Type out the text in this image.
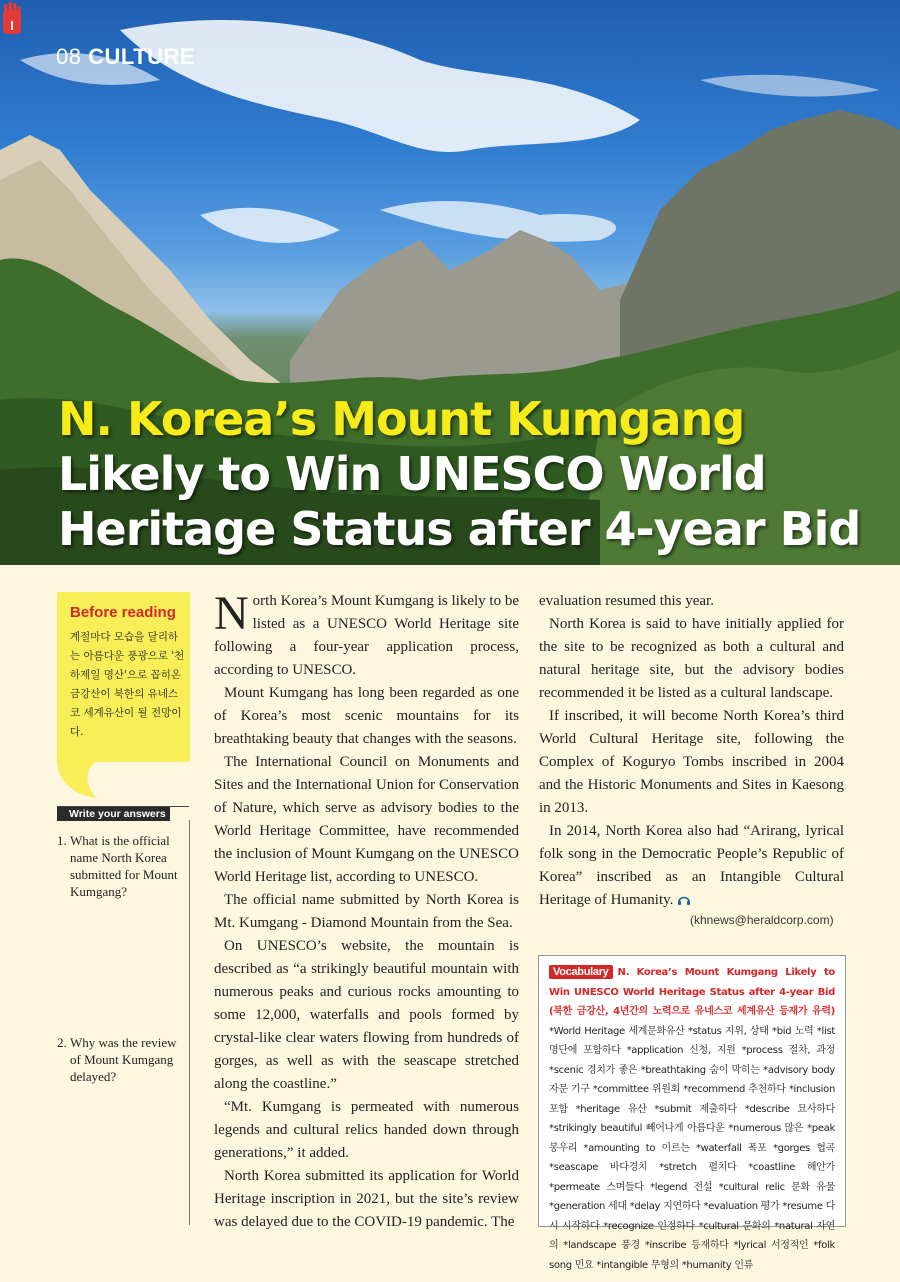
08 CULTURE
I
N. Korea’s Mount Kumgang Likely to Win UNESCO World Heritage Status after 4-year Bid
Before reading
계절마다 모습을 달리하는 아름다운 풍광으로 '천하제일 명산'으로 꼽히온 금강산이 북한의 유네스코 세계유산이 될 전망이다.
Write your answers
1. What is the official name North Korea submitted for Mount Kumgang?
2. Why was the review of Mount Kumgang delayed?

North Korea’s Mount Kumgang is likely to be listed as a UNESCO World Heritage site following a four-year application process, according to UNESCO.

Mount Kumgang has long been regarded as one of Korea’s most scenic mountains for its breathtaking beauty that changes with the seasons.

The International Council on Monuments and Sites and the International Union for Conservation of Nature, which serve as advisory bodies to the World Heritage Committee, have recommended the inclusion of Mount Kumgang on the UNESCO World Heritage list, according to UNESCO.

The official name submitted by North Korea is Mt. Kumgang - Diamond Mountain from the Sea.

On UNESCO’s website, the mountain is described as “a strikingly beautiful mountain with numerous peaks and curious rocks amounting to some 12,000, waterfalls and pools formed by crystal-like clear waters flowing from hundreds of gorges, as well as with the seascape stretched along the coastline.”

“Mt. Kumgang is permeated with numerous legends and cultural relics handed down through generations,” it added.

North Korea submitted its application for World Heritage inscription in 2021, but the site’s review was delayed due to the COVID-19 pandemic. The

evaluation resumed this year.

North Korea is said to have initially applied for the site to be recognized as both a cultural and natural heritage site, but the advisory bodies recommended it be listed as a cultural landscape.

If inscribed, it will become North Korea’s third World Cultural Heritage site, following the Complex of Koguryo Tombs inscribed in 2004 and the Historic Monuments and Sites in Kaesong in 2013.

In 2014, North Korea also had “Arirang, lyrical folk song in the Democratic People’s Republic of Korea” inscribed as an Intangible Cultural Heritage of Humanity.

(khnews@heraldcorp.com)
Vocabulary N. Korea’s Mount Kumgang Likely to Win UNESCO World Heritage Status after 4-year Bid (북한 금강산, 4년간의 노력으로 유네스코 세계유산 등재가 유력) *World Heritage 세계문화유산 *status 지위, 상태 *bid 노력 *list 명단에 포함하다 *application 신청, 지원 *process 절차, 과정 *scenic 경치가 좋은 *breathtaking 숨이 막히는 *advisory body 자문 기구 *committee 위원회 *recommend 추천하다 *inclusion 포함 *heritage 유산 *submit 제출하다 *describe 묘사하다 *strikingly beautiful 빼어나게 아름다운 *numerous 많은 *peak 봉우리 *amounting to 이르는 *waterfall 폭포 *gorges 협곡 *seascape 바다경치 *stretch 펼치다 *coastline 해안가 *permeate 스며들다 *legend 전설 *cultural relic 문화 유물 *generation 세대 *delay 지연하다 *evaluation 평가 *resume 다시 시작하다 *recognize 인정하다 *cultural 문화의 *natural 자연의 *landscape 풍경 *inscribe 등재하다 *lyrical 서정적인 *folk song 민요 *intangible 무형의 *humanity 인류
